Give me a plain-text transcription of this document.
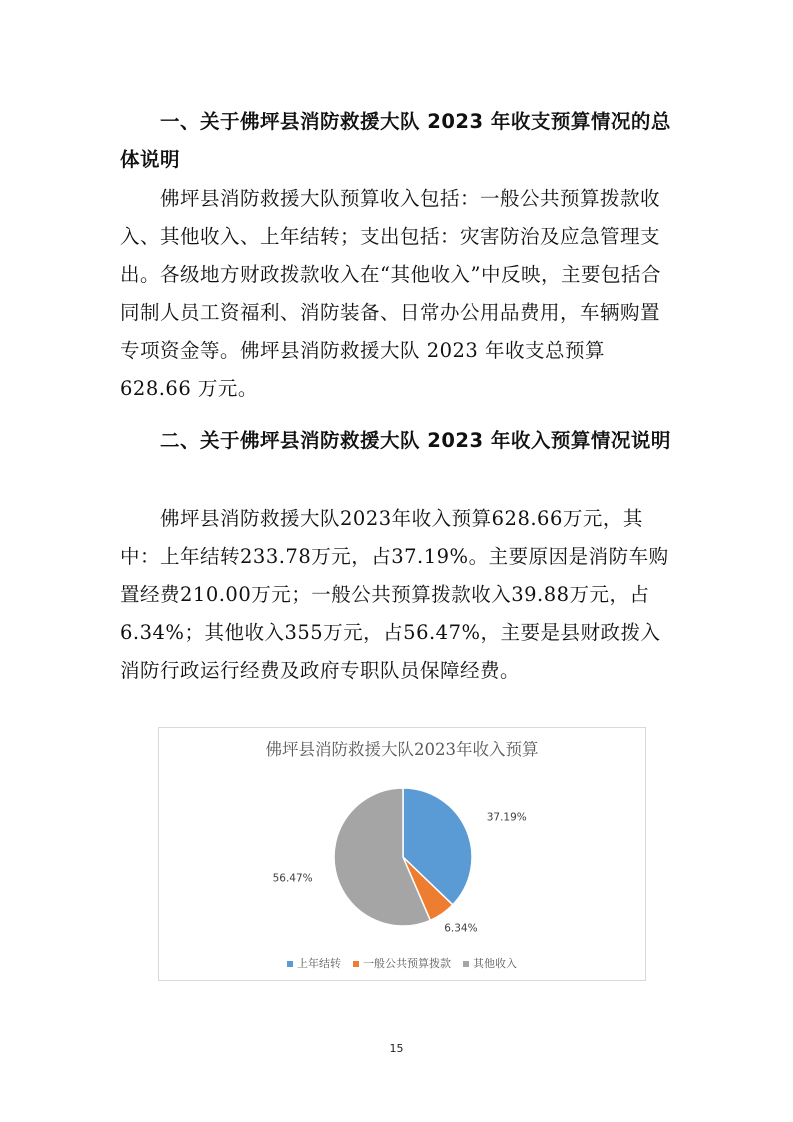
一、关于佛坪县消防救援大队 2023 年收支预算情况的总体说明

佛坪县消防救援大队预算收入包括：一般公共预算拨款收入、其他收入、上年结转；支出包括：灾害防治及应急管理支出。各级地方财政拨款收入在“其他收入”中反映，主要包括合同制人员工资福利、消防装备、日常办公用品费用，车辆购置专项资金等。佛坪县消防救援大队 2023 年收支总预算 628.66 万元。

二、关于佛坪县消防救援大队 2023 年收入预算情况说明

佛坪县消防救援大队2023年收入预算628.66万元，其中：上年结转233.78万元，占37.19%。主要原因是消防车购置经费210.00万元；一般公共预算拨款收入39.88万元，占6.34%；其他收入355万元，占56.47%，主要是县财政拨入消防行政运行经费及政府专职队员保障经费。

佛坪县消防救援大队2023年收入预算
37.19%
6.34%
56.47%
上年结转 一般公共预算拨款 其他收入
15
